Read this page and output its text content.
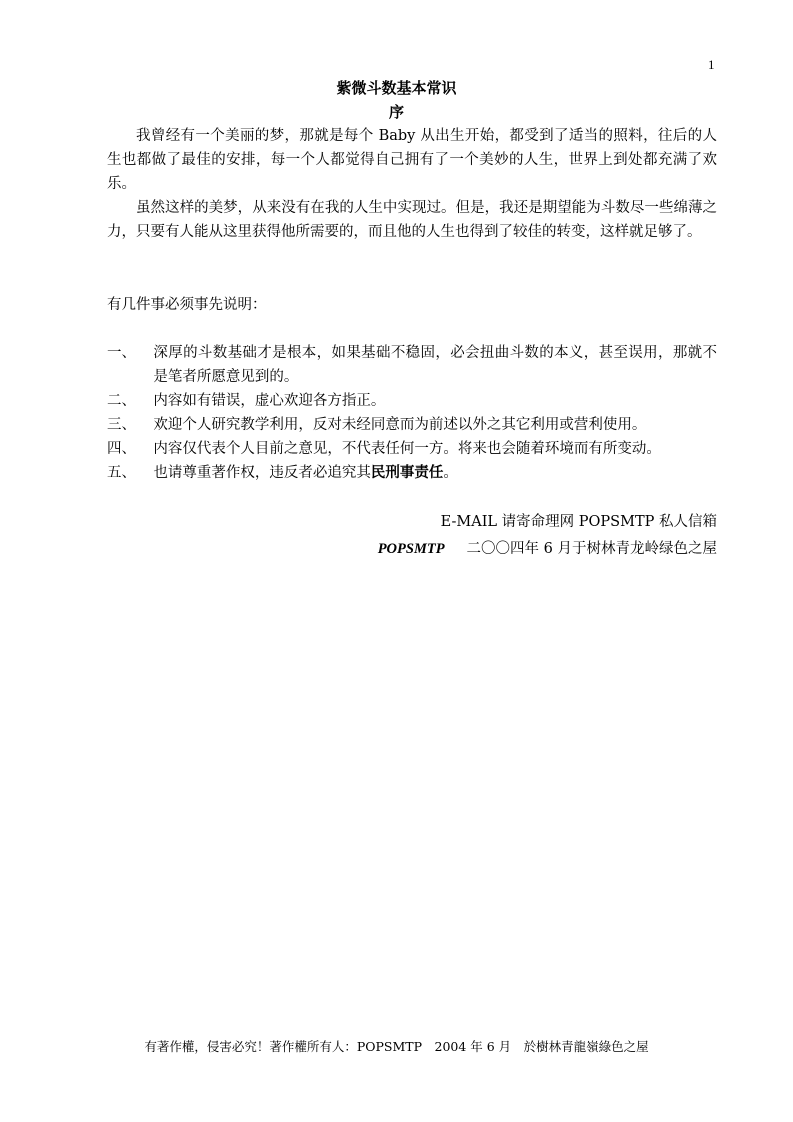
1
紫微斗数基本常识
序

我曾经有一个美丽的梦，那就是每个 Baby 从出生开始，都受到了适当的照料，往后的人生也都做了最佳的安排，每一个人都觉得自己拥有了一个美妙的人生，世界上到处都充满了欢乐。

虽然这样的美梦，从来没有在我的人生中实现过。但是，我还是期望能为斗数尽一些绵薄之力，只要有人能从这里获得他所需要的，而且他的人生也得到了较佳的转变，这样就足够了。

有几件事必须事先说明：
一、	深厚的斗数基础才是根本，如果基础不稳固，必会扭曲斗数的本义，甚至误用，那就不是笔者所愿意见到的。
二、	内容如有错误，虚心欢迎各方指正。
三、	欢迎个人研究教学利用，反对未经同意而为前述以外之其它利用或营利使用。
四、	内容仅代表个人目前之意见，不代表任何一方。将来也会随着环境而有所变动。
五、	也请尊重著作权，违反者必追究其民刑事责任。
E-MAIL 请寄命理网 POPSMTP 私人信箱
POPSMTP 二〇〇四年 6 月于树林青龙岭绿色之屋
有著作權，侵害必究！著作權所有人：POPSMTP　2004 年 6 月　於樹林青龍嶺綠色之屋
